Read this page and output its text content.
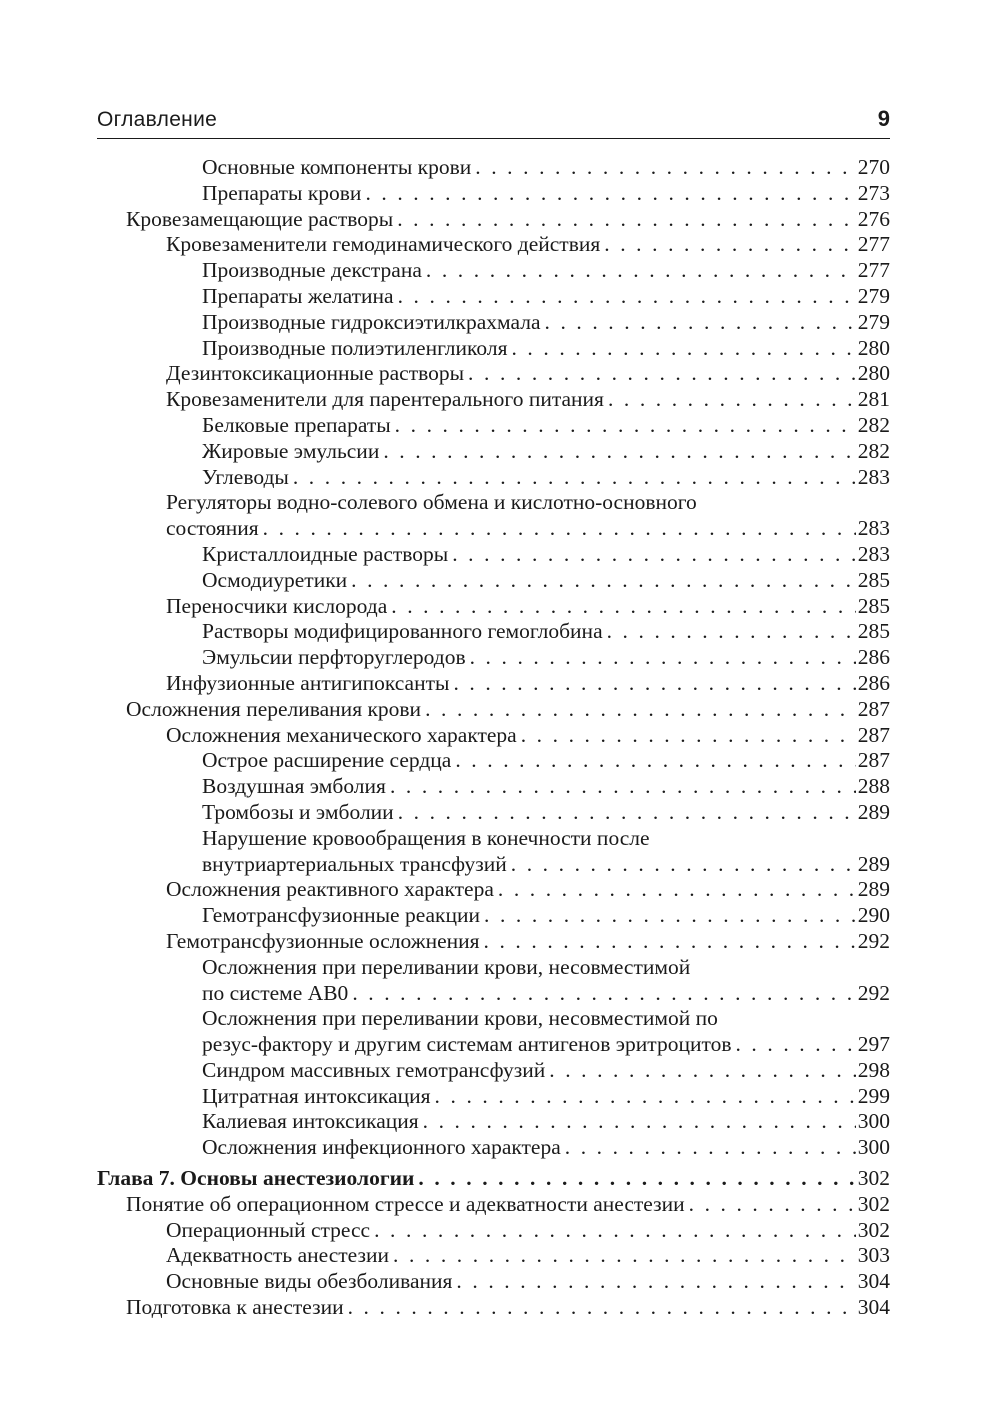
Оглавление	9
Основные компоненты крови . . .	270
Препараты крови . . .	273
Кровезамещающие растворы . . .	276
Кровезаменители гемодинамического действия . . .	277
Производные декстрана . . .	277
Препараты желатина . . .	279
Производные гидроксиэтилкрахмала . . .	279
Производные полиэтиленгликоля . . .	280
Дезинтоксикационные растворы . . .	280
Кровезаменители для парентерального питания . . .	281
Белковые препараты . . .	282
Жировые эмульсии . . .	282
Углеводы . . .	283
Регуляторы водно-солевого обмена и кислотно-основного
состояния . . .	283
Кристаллоидные растворы . . .	283
Осмодиуретики . . .	285
Переносчики кислорода . . .	285
Растворы модифицированного гемоглобина . . .	285
Эмульсии перфторуглеродов . . .	286
Инфузионные антигипоксанты . . .	286
Осложнения переливания крови . . .	287
Осложнения механического характера . . .	287
Острое расширение сердца . . .	287
Воздушная эмболия . . .	288
Тромбозы и эмболии . . .	289
Нарушение кровообращения в конечности после
внутриартериальных трансфузий . . .	289
Осложнения реактивного характера . . .	289
Гемотрансфузионные реакции . . .	290
Гемотрансфузионные осложнения . . .	292
Осложнения при переливании крови, несовместимой
по системе АВ0 . . .	292
Осложнения при переливании крови, несовместимой по
резус-фактору и другим системам антигенов эритроцитов . . .	297
Синдром массивных гемотрансфузий . . .	298
Цитратная интоксикация . . .	299
Калиевая интоксикация . . .	300
Осложнения инфекционного характера . . .	300
Глава 7. Основы анестезиологии . . .	302
Понятие об операционном стрессе и адекватности анестезии . . .	302
Операционный стресс . . .	302
Адекватность анестезии . . .	303
Основные виды обезболивания . . .	304
Подготовка к анестезии . . .	304
